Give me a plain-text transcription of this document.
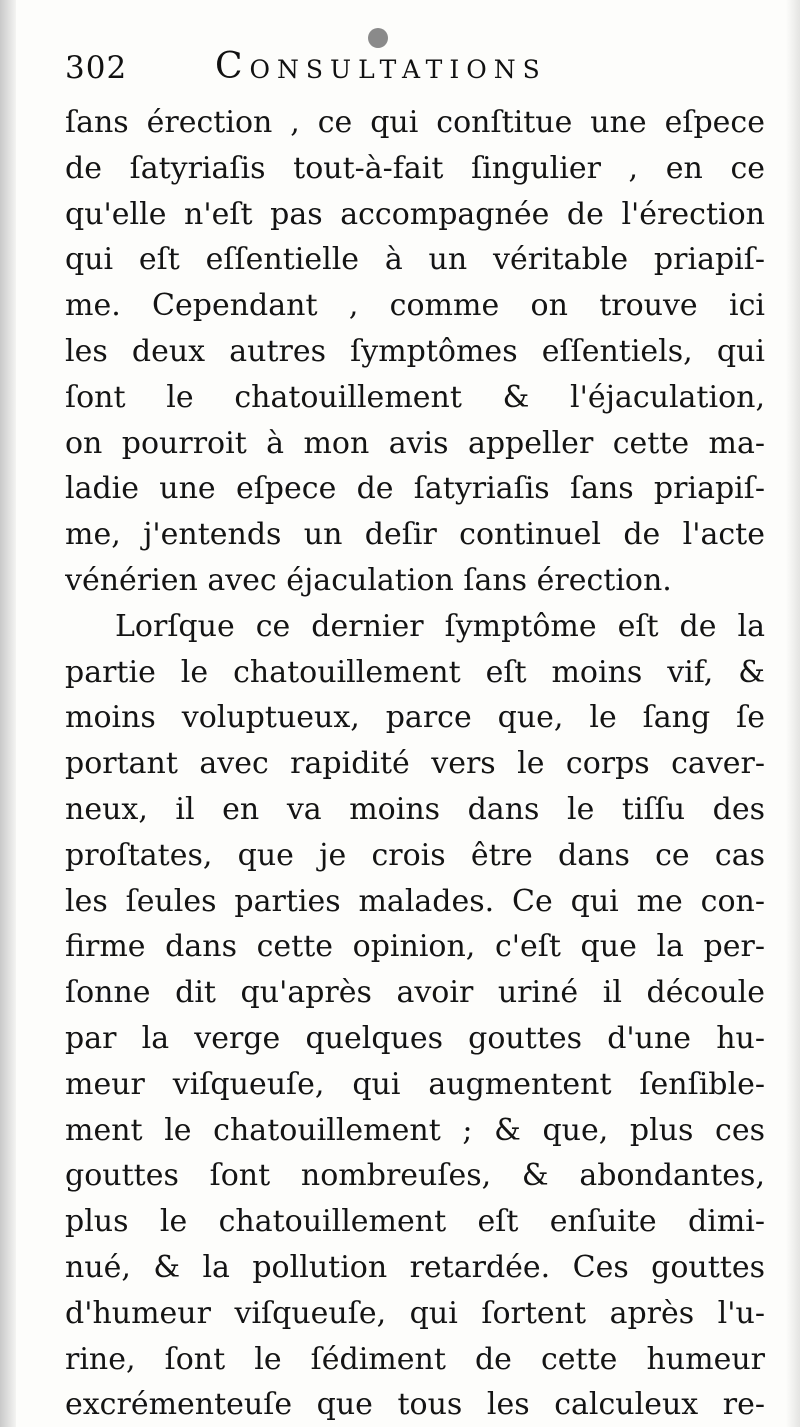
302 Consultations
ſans érection , ce qui conſtitue une eſpece
de ſatyriaſis tout-à-fait ſingulier , en ce
qu'elle n'eſt pas accompagnée de l'érection
qui eſt eſſentielle à un véritable priapiſ-
me. Cependant , comme on trouve ici
les deux autres ſymptômes eſſentiels, qui
ſont le chatouillement & l'éjaculation,
on pourroit à mon avis appeller cette ma-
ladie une eſpece de ſatyriaſis ſans priapiſ-
me, j'entends un deſir continuel de l'acte
vénérien avec éjaculation ſans érection.
Lorſque ce dernier ſymptôme eſt de la
partie le chatouillement eſt moins vif, &
moins voluptueux, parce que, le ſang ſe
portant avec rapidité vers le corps caver-
neux, il en va moins dans le tiſſu des
proſtates, que je crois être dans ce cas
les ſeules parties malades. Ce qui me con-
firme dans cette opinion, c'eſt que la per-
ſonne dit qu'après avoir uriné il découle
par la verge quelques gouttes d'une hu-
meur viſqueuſe, qui augmentent ſenſible-
ment le chatouillement ; & que, plus ces
gouttes ſont nombreuſes, & abondantes,
plus le chatouillement eſt enſuite dimi-
nué, & la pollution retardée. Ces gouttes
d'humeur viſqueuſe, qui ſortent après l'u-
rine, ſont le ſédiment de cette humeur
excrémenteuſe que tous les calculeux re-
